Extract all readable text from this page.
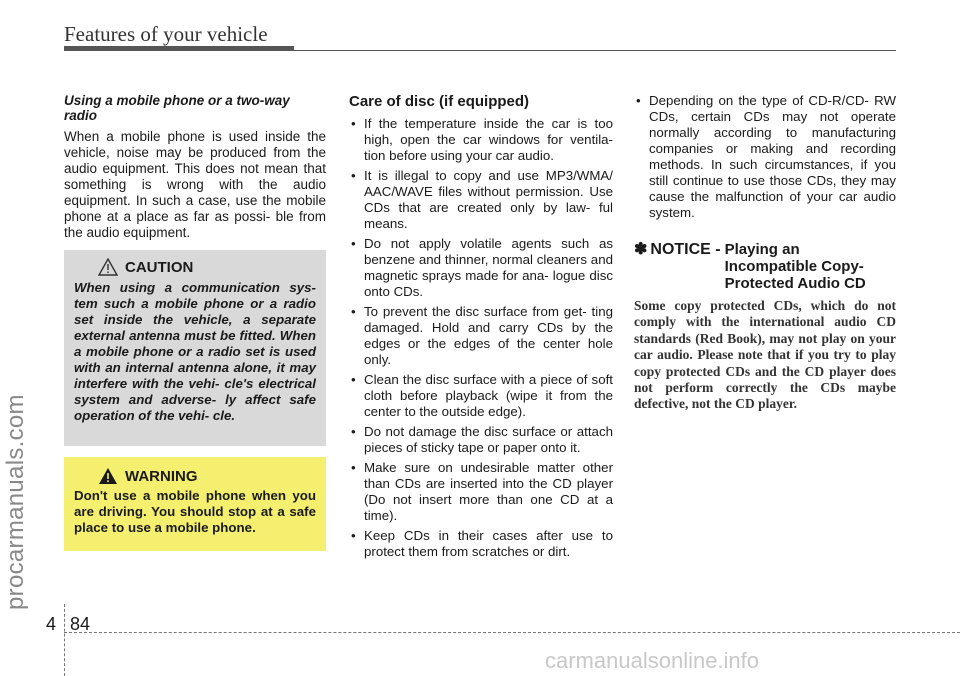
Features of your vehicle
procarmanuals.com

Using a mobile phone or a two-way radio

When a mobile phone is used inside the vehicle, noise may be produced from the audio equipment. This does not mean that something is wrong with the audio equipment. In such a case, use the mobile phone at a place as far as possi- ble from the audio equipment.

CAUTION

When using a communication sys- tem such a mobile phone or a radio set inside the vehicle, a separate external antenna must be fitted. When a mobile phone or a radio set is used with an internal antenna alone, it may interfere with the vehi- cle's electrical system and adverse- ly affect safe operation of the vehi- cle.

WARNING

Don't use a mobile phone when you are driving. You should stop at a safe place to use a mobile phone.

Care of disc (if equipped)

• If the temperature inside the car is too high, open the car windows for ventila- tion before using your car audio.
• It is illegal to copy and use MP3/WMA/ AAC/WAVE files without permission. Use CDs that are created only by law- ful means.
• Do not apply volatile agents such as benzene and thinner, normal cleaners and magnetic sprays made for ana- logue disc onto CDs.
• To prevent the disc surface from get- ting damaged. Hold and carry CDs by the edges or the edges of the center hole only.
• Clean the disc surface with a piece of soft cloth before playback (wipe it from the center to the outside edge).
• Do not damage the disc surface or attach pieces of sticky tape or paper onto it.
• Make sure on undesirable matter other than CDs are inserted into the CD player (Do not insert more than one CD at a time).
• Keep CDs in their cases after use to protect them from scratches or dirt.
• Depending on the type of CD-R/CD- RW CDs, certain CDs may not operate normally according to manufacturing companies or making and recording methods. In such circumstances, if you still continue to use those CDs, they may cause the malfunction of your car audio system.
✽ NOTICE - Playing an Incompatible Copy-Protected Audio CD

Some copy protected CDs, which do not comply with the international audio CD standards (Red Book), may not play on your car audio. Please note that if you try to play copy protected CDs and the CD player does not perform correctly the CDs maybe defective, not the CD player.

4 84
carmanualsonline.info
